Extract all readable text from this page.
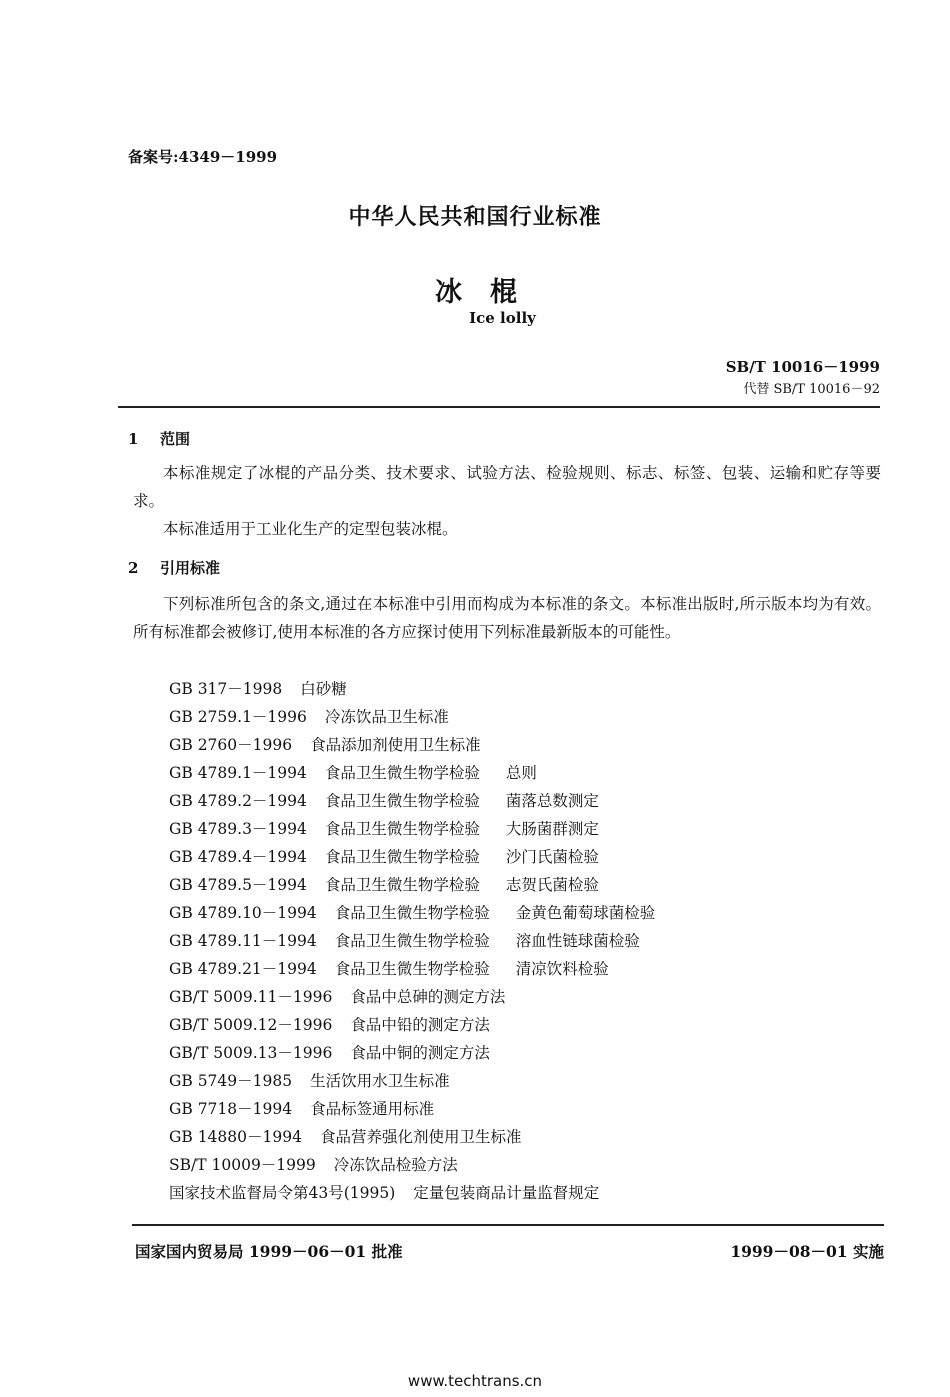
备案号:4349－1999
中华人民共和国行业标准
冰棍
Ice lolly
SB/T 10016－1999
代替 SB/T 10016－92
1 范围
本标准规定了冰棍的产品分类、技术要求、试验方法、检验规则、标志、标签、包装、运输和贮存等要求。
本标准适用于工业化生产的定型包装冰棍。
2 引用标准
下列标准所包含的条文,通过在本标准中引用而构成为本标准的条文。本标准出版时,所示版本均为有效。所有标准都会被修订,使用本标准的各方应探讨使用下列标准最新版本的可能性。
GB 317－1998 白砂糖
GB 2759.1－1996 冷冻饮品卫生标准
GB 2760－1996 食品添加剂使用卫生标准
GB 4789.1－1994 食品卫生微生物学检验 总则
GB 4789.2－1994 食品卫生微生物学检验 菌落总数测定
GB 4789.3－1994 食品卫生微生物学检验 大肠菌群测定
GB 4789.4－1994 食品卫生微生物学检验 沙门氏菌检验
GB 4789.5－1994 食品卫生微生物学检验 志贺氏菌检验
GB 4789.10－1994 食品卫生微生物学检验 金黄色葡萄球菌检验
GB 4789.11－1994 食品卫生微生物学检验 溶血性链球菌检验
GB 4789.21－1994 食品卫生微生物学检验 清凉饮料检验
GB/T 5009.11－1996 食品中总砷的测定方法
GB/T 5009.12－1996 食品中铅的测定方法
GB/T 5009.13－1996 食品中铜的测定方法
GB 5749－1985 生活饮用水卫生标准
GB 7718－1994 食品标签通用标准
GB 14880－1994 食品营养强化剂使用卫生标准
SB/T 10009－1999 冷冻饮品检验方法
国家技术监督局令第43号(1995) 定量包装商品计量监督规定
国家国内贸易局 1999－06－01 批准	1999－08－01 实施
www.techtrans.cn
